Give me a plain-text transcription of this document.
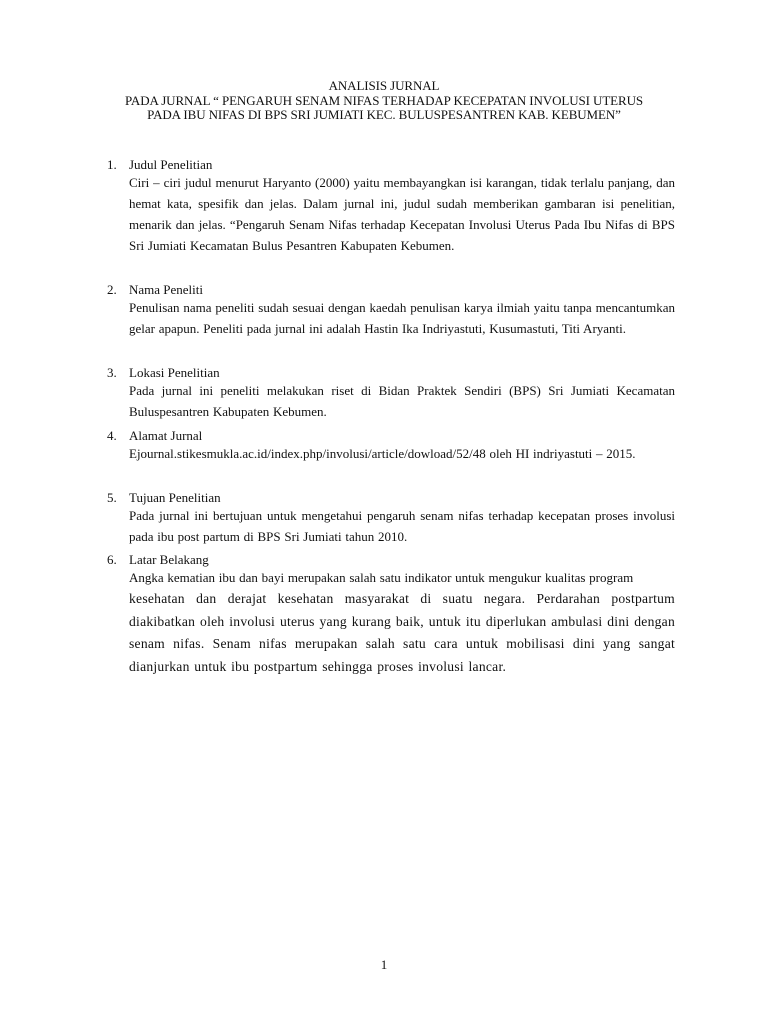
ANALISIS JURNAL
PADA JURNAL “ PENGARUH SENAM NIFAS TERHADAP KECEPATAN INVOLUSI UTERUS
PADA IBU NIFAS DI BPS SRI JUMIATI KEC. BULUSPESANTREN KAB. KEBUMEN”
1. Judul Penelitian
Ciri – ciri judul menurut Haryanto (2000) yaitu membayangkan isi karangan, tidak terlalu panjang, dan hemat kata, spesifik dan jelas. Dalam jurnal ini, judul sudah memberikan gambaran isi penelitian, menarik dan jelas. “Pengaruh Senam Nifas terhadap Kecepatan Involusi Uterus Pada Ibu Nifas di BPS Sri Jumiati Kecamatan Bulus Pesantren Kabupaten Kebumen.
2. Nama Peneliti
Penulisan nama peneliti sudah sesuai dengan kaedah penulisan karya ilmiah yaitu tanpa mencantumkan gelar apapun. Peneliti pada jurnal ini adalah Hastin Ika Indriyastuti, Kusumastuti, Titi Aryanti.
3. Lokasi Penelitian
Pada jurnal ini peneliti melakukan riset di Bidan Praktek Sendiri (BPS) Sri Jumiati Kecamatan Buluspesantren Kabupaten Kebumen.
4. Alamat Jurnal
Ejournal.stikesmukla.ac.id/index.php/involusi/article/dowload/52/48 oleh HI indriyastuti – 2015.
5. Tujuan Penelitian
Pada jurnal ini bertujuan untuk mengetahui pengaruh senam nifas terhadap kecepatan proses involusi pada ibu post partum di BPS Sri Jumiati tahun 2010.
6. Latar Belakang
Angka kematian ibu dan bayi merupakan salah satu indikator untuk mengukur kualitas program
kesehatan dan derajat kesehatan masyarakat di suatu negara. Perdarahan postpartum diakibatkan oleh involusi uterus yang kurang baik, untuk itu diperlukan ambulasi dini dengan senam nifas. Senam nifas merupakan salah satu cara untuk mobilisasi dini yang sangat dianjurkan untuk ibu postpartum sehingga proses involusi lancar.
1
